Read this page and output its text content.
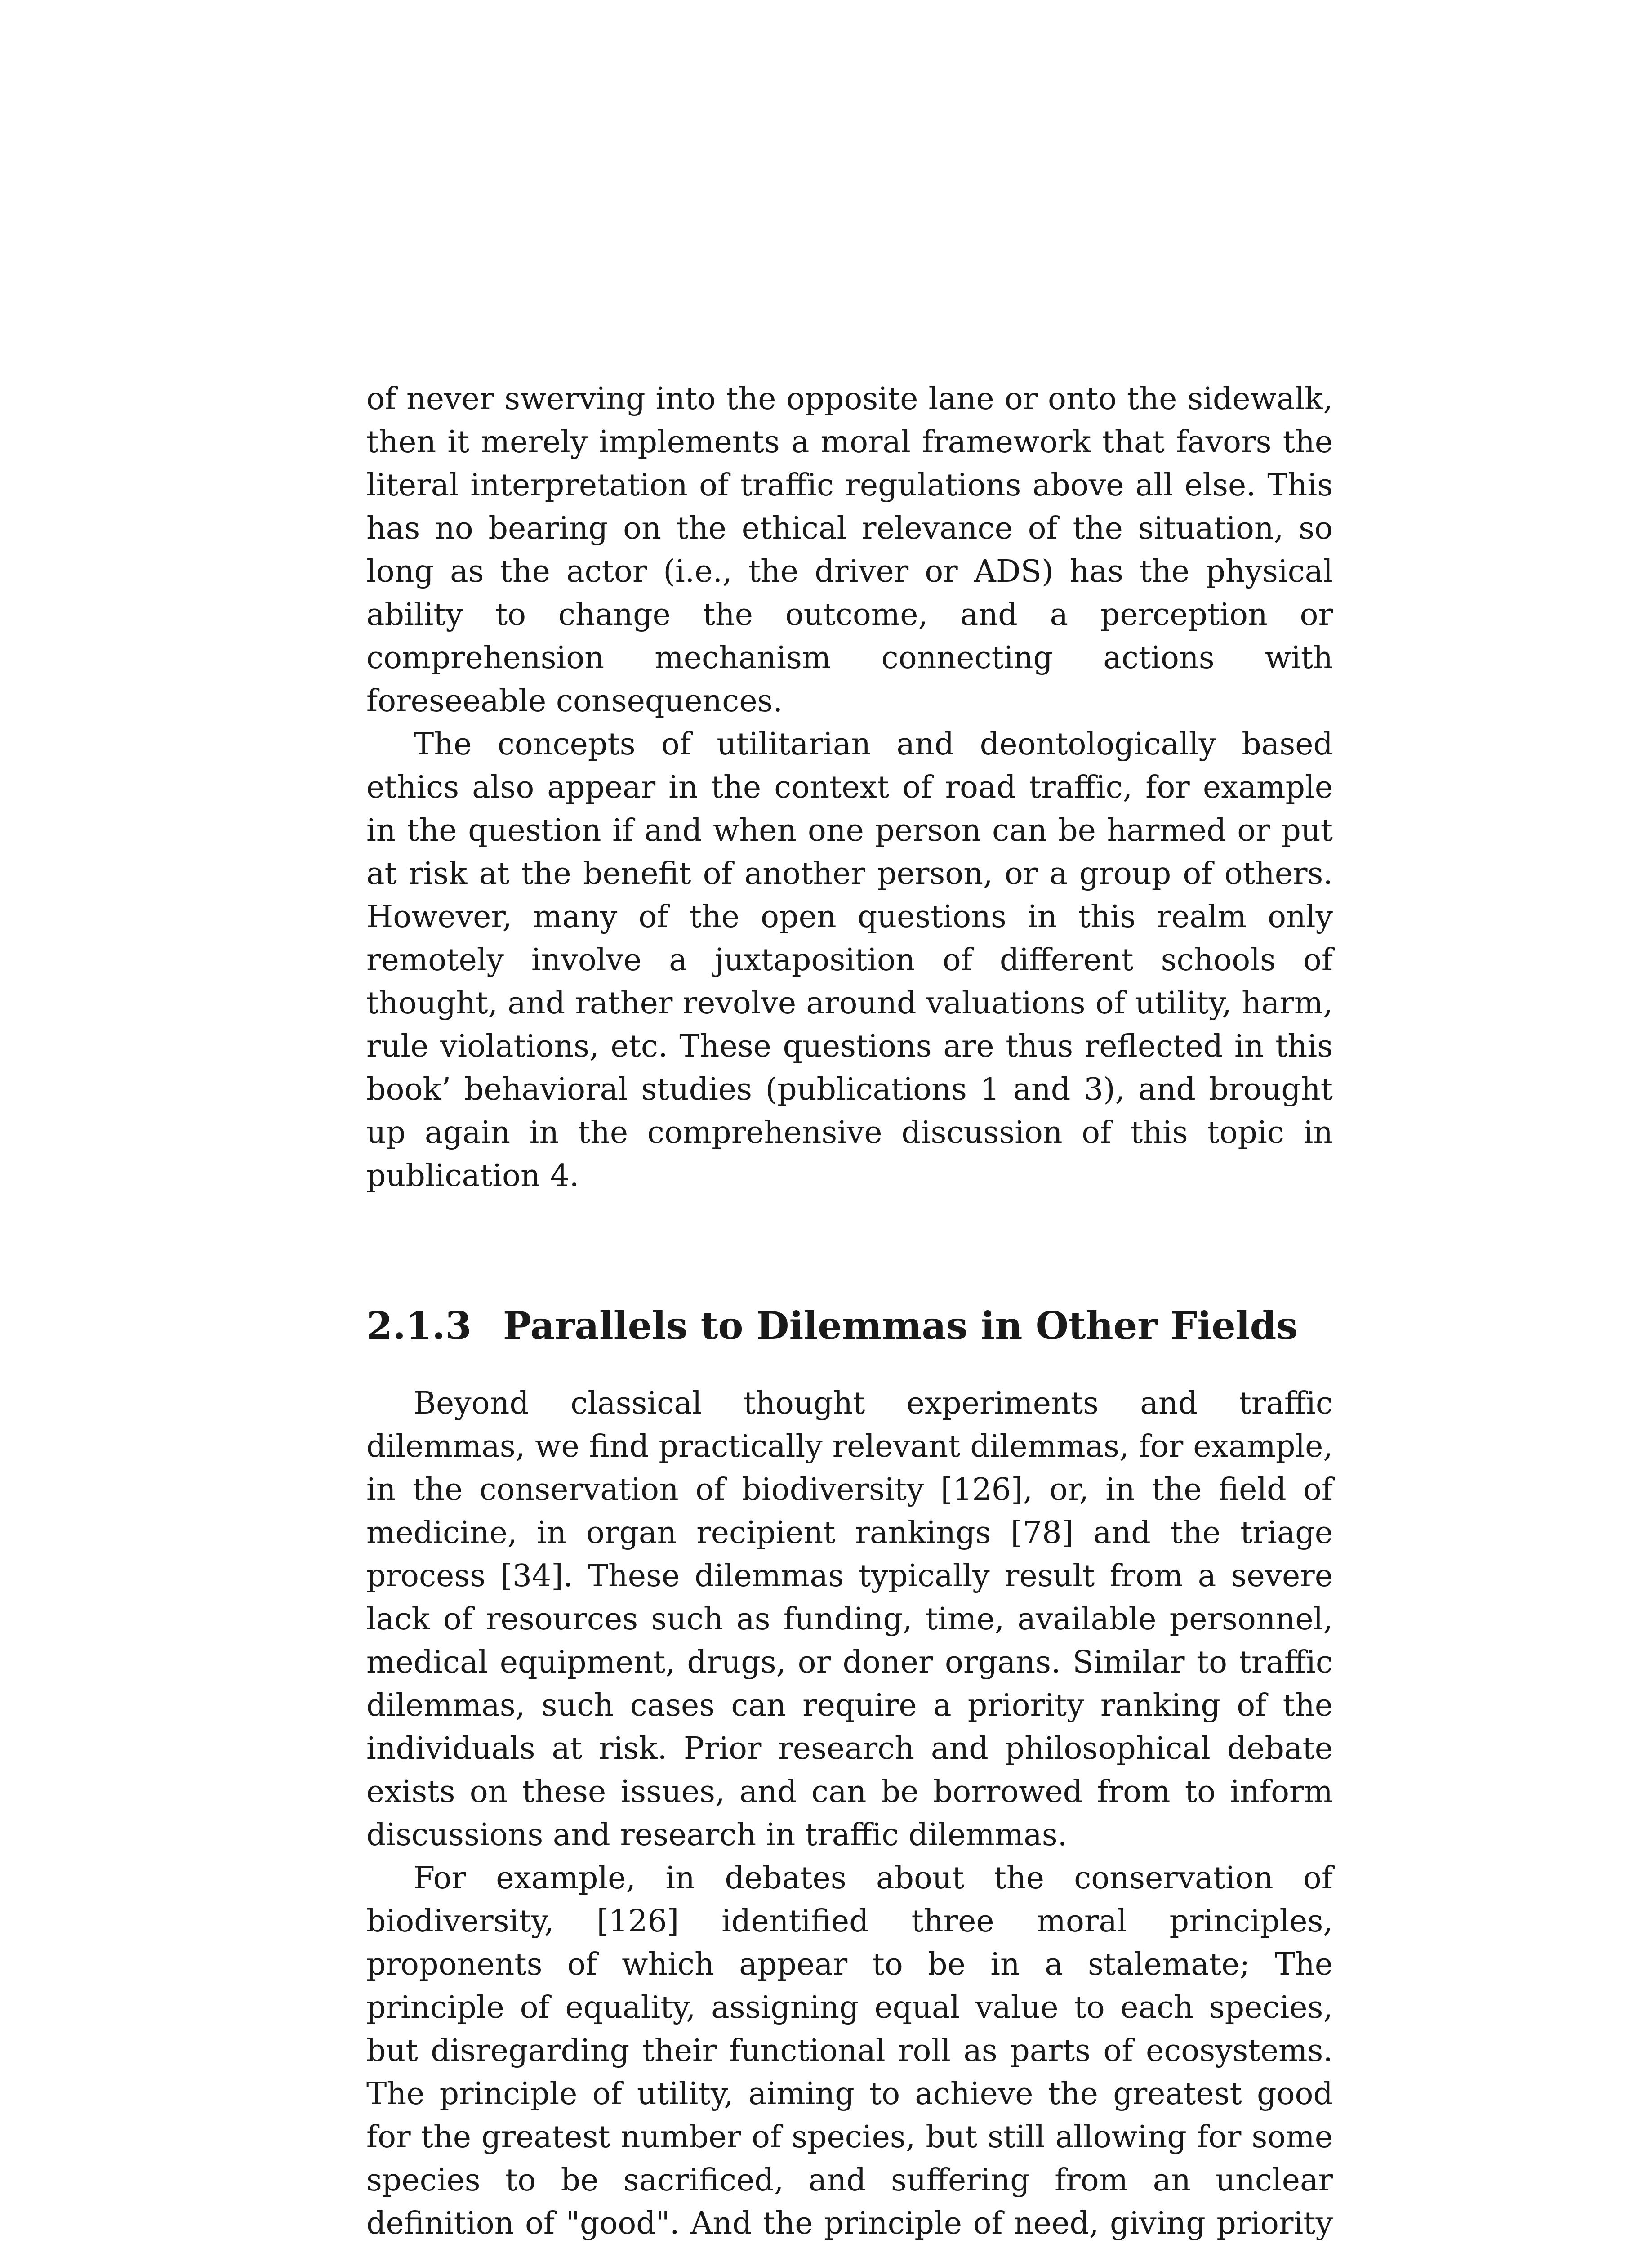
of never swerving into the opposite lane or onto the sidewalk, then it merely implements a moral framework that favors the literal interpretation of traffic regulations above all else. This has no bearing on the ethical relevance of the situation, so long as the actor (i.e., the driver or ADS) has the physical ability to change the outcome, and a perception or comprehension mechanism connecting actions with foreseeable consequences.

The concepts of utilitarian and deontologically based ethics also appear in the context of road traffic, for example in the question if and when one person can be harmed or put at risk at the benefit of another person, or a group of others. However, many of the open questions in this realm only remotely involve a juxtaposition of different schools of thought, and rather revolve around valuations of utility, harm, rule violations, etc. These questions are thus reflected in this book’ behavioral studies (publications 1 and 3), and brought up again in the comprehensive discussion of this topic in publication 4.

2.1.3 Parallels to Dilemmas in Other Fields

Beyond classical thought experiments and traffic dilemmas, we find practically relevant dilemmas, for example, in the conservation of biodiversity [126], or, in the field of medicine, in organ recipient rankings [78] and the triage process [34]. These dilemmas typically result from a severe lack of resources such as funding, time, available personnel, medical equipment, drugs, or doner organs. Similar to traffic dilemmas, such cases can require a priority ranking of the individuals at risk. Prior research and philosophical debate exists on these issues, and can be borrowed from to inform discussions and research in traffic dilemmas.

For example, in debates about the conservation of biodiversity, [126] identified three moral principles, proponents of which appear to be in a stalemate; The principle of equality, assigning equal value to each species, but disregarding their functional roll as parts of ecosystems. The principle of utility, aiming to achieve the greatest good for the greatest number of species, but still allowing for some species to be sacrificed, and suffering from an unclear definition of "good". And the principle of need, giving priority
